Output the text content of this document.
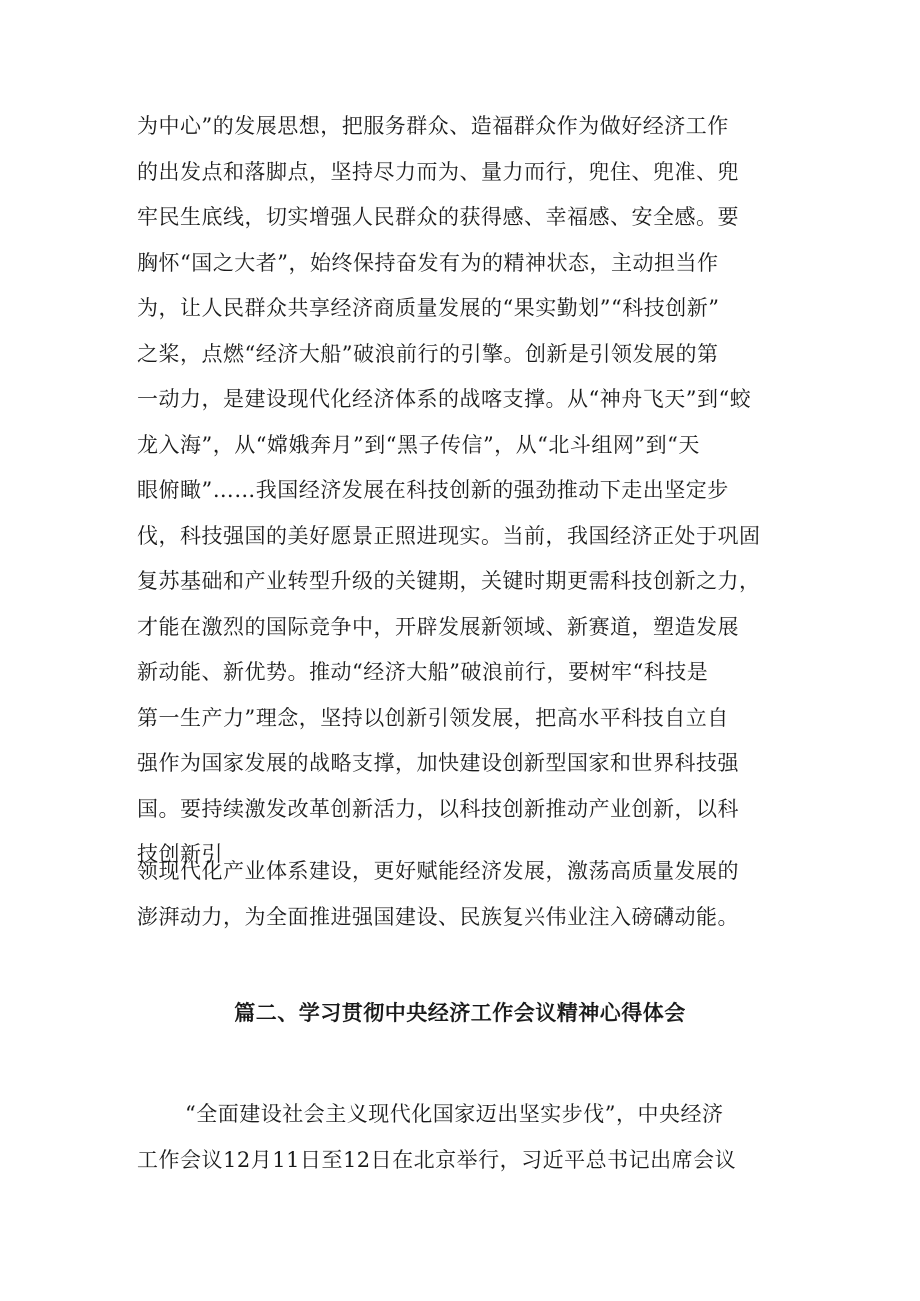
为中心”的发展思想，把服务群众、造福群众作为做好经济工作
的出发点和落脚点，坚持尽力而为、量力而行，兜住、兜准、兜
牢民生底线，切实增强人民群众的获得感、幸福感、安全感。要
胸怀“国之大者”，始终保持奋发有为的精神状态，主动担当作
为，让人民群众共享经济商质量发展的“果实勤划”“科技创新”
之桨，点燃“经济大船”破浪前行的引擎。创新是引领发展的第
一动力，是建设现代化经济体系的战喀支撑。从“神舟飞天”到“蛟
龙入海”，从“嫦娥奔月”到“黑子传信”，从“北斗组网”到“天
眼俯瞰”……我国经济发展在科技创新的强劲推动下走出坚定步
伐，科技强国的美好愿景正照进现实。当前，我国经济正处于巩固
复苏基础和产业转型升级的关键期，关键时期更需科技创新之力，
才能在激烈的国际竞争中，开辟发展新领域、新赛道，塑造发展
新动能、新优势。推动“经济大船”破浪前行，要树牢“科技是
第一生产力”理念，坚持以创新引领发展，把高水平科技自立自
强作为国家发展的战略支撑，加快建设创新型国家和世界科技强
国。要持续激发改革创新活力，以科技创新推动产业创新，以科
技创新引
领现代化产业体系建设，更好赋能经济发展，激荡高质量发展的
澎湃动力，为全面推进强国建设、民族复兴伟业注入磅礴动能。
篇二、学习贯彻中央经济工作会议精神心得体会
“全面建设社会主义现代化国家迈出坚实步伐”，中央经济
工作会议12月11日至12日在北京举行，习近平总书记出席会议
